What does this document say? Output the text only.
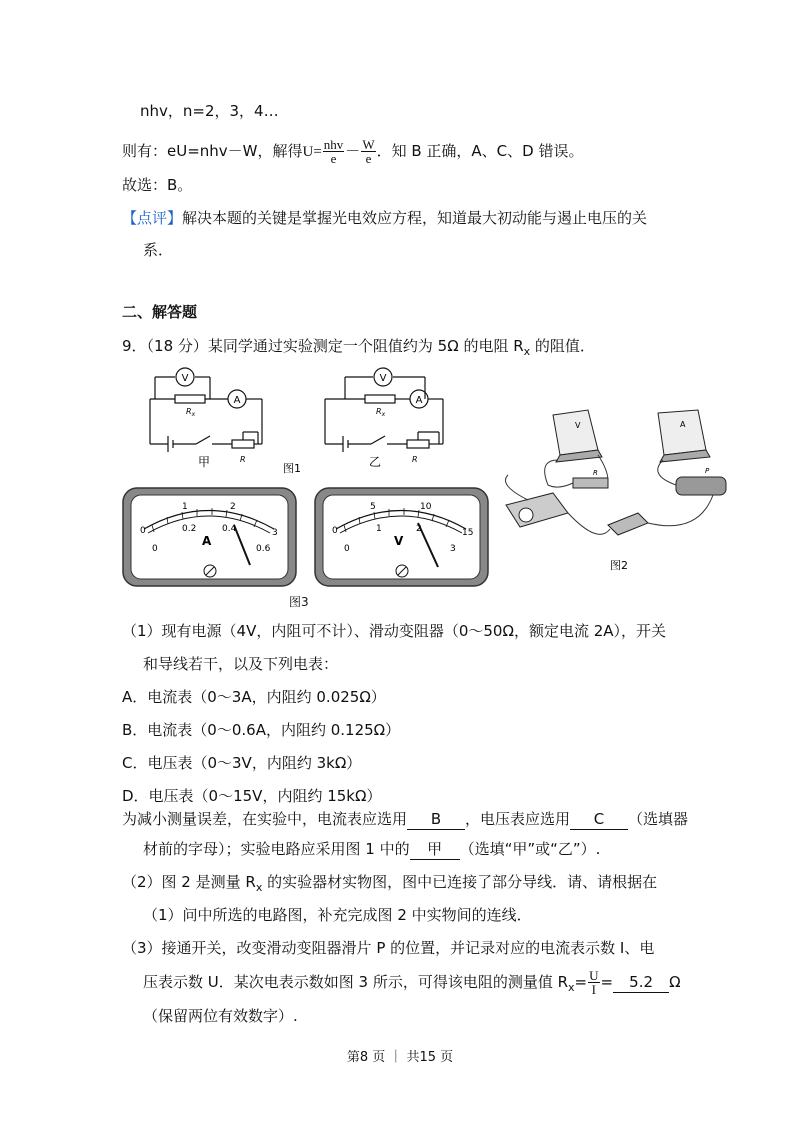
nhv，n=2，3，4…
则有：eU=nhv－W，解得$U= \frac{\text{nhv}}{e} - \frac{W}{e}$ ．知 B 正确，A、C、D 错误。
故选：B。
【点评】解决本题的关键是掌握光电效应方程，知道最大初动能与遏止电压的关
系．
二、解答题
9．（18 分）某同学通过实验测定一个阻值约为 5Ω 的电阻 $R_x$ 的阻值．
V
A
$R_x$
甲	R
图1
V
A
$R_x$
乙	R
0
1	2
3
0
0.2	0.4
0.6
A
0
5	10
15
0
1	2
3
V
图3
V	A
R	P
图2
（1）现有电源（4V，内阻可不计）、滑动变阻器（0～50Ω，额定电流 2A），开关
和导线若干，以及下列电表：
A．电流表（0～3A，内阻约 0.025Ω）
B．电流表（0～0.6A，内阻约 0.125Ω）
C．电压表（0～3V，内阻约 3kΩ）
D．电压表（0～15V，内阻约 15kΩ）
为减小测量误差，在实验中，电流表应选用 B ，电压表应选用 C （选填器
材前的字母）；实验电路应采用图 1 中的 甲 （选填“甲”或“乙”）.
（2）图 2 是测量 $R_x$ 的实验器材实物图，图中已连接了部分导线．请、请根据在
（1）问中所选的电路图，补充完成图 2 中实物间的连线．
（3）接通开关，改变滑动变阻器滑片 P 的位置，并记录对应的电流表示数 I、电
压表示数 U．某次电表示数如图 3 所示，可得该电阻的测量值 $R_x= \frac{U}{I} = 5.2$ Ω
（保留两位有效数字）.
第8 页 ｜ 共15 页
